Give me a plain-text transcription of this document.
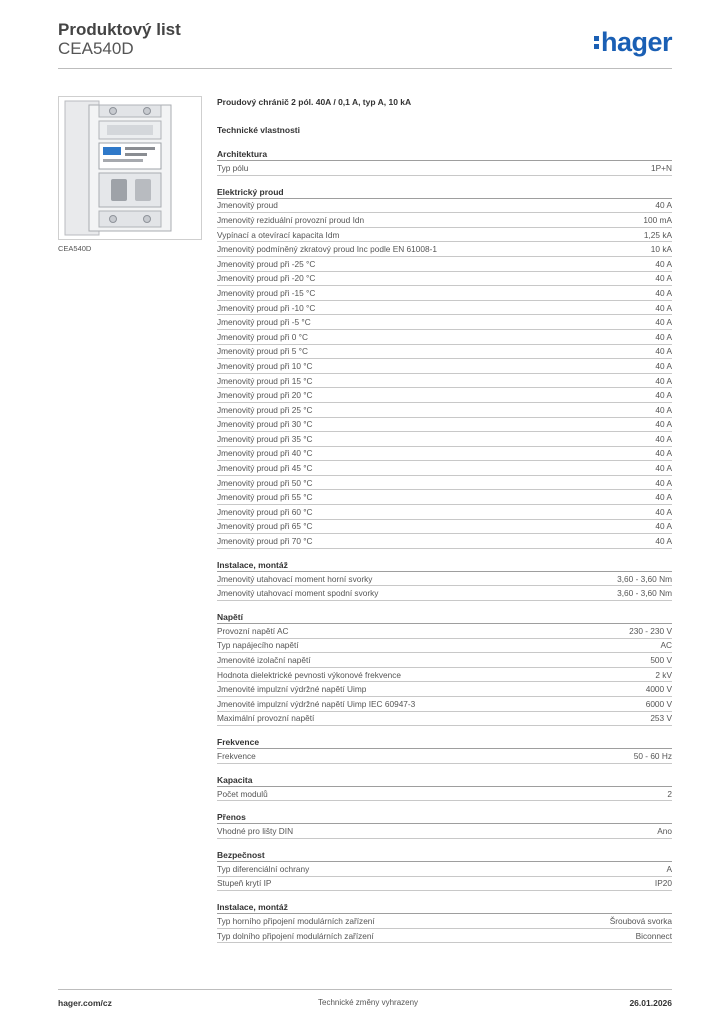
Produktový list
CEA540D	hager
CEA540D
Proudový chránič 2 pól. 40A / 0,1 A, typ A, 10 kA
Technické vlastnosti
Architektura
Typ pólu	1P+N
Elektrický proud
Jmenovitý proud	40 A
Jmenovitý reziduální provozní proud Idn	100 mA
Vypínací a otevírací kapacita Idm	1,25 kA
Jmenovitý podmíněný zkratový proud Inc podle EN 61008-1	10 kA
Jmenovitý proud při -25 °C	40 A
Jmenovitý proud při -20 °C	40 A
Jmenovitý proud při -15 °C	40 A
Jmenovitý proud při -10 °C	40 A
Jmenovitý proud při -5 °C	40 A
Jmenovitý proud při 0 °C	40 A
Jmenovitý proud při 5 °C	40 A
Jmenovitý proud při 10 °C	40 A
Jmenovitý proud při 15 °C	40 A
Jmenovitý proud při 20 °C	40 A
Jmenovitý proud při 25 °C	40 A
Jmenovitý proud při 30 °C	40 A
Jmenovitý proud při 35 °C	40 A
Jmenovitý proud při 40 °C	40 A
Jmenovitý proud při 45 °C	40 A
Jmenovitý proud při 50 °C	40 A
Jmenovitý proud při 55 °C	40 A
Jmenovitý proud při 60 °C	40 A
Jmenovitý proud při 65 °C	40 A
Jmenovitý proud při 70 °C	40 A
Instalace, montáž
Jmenovitý utahovací moment horní svorky	3,60 - 3,60 Nm
Jmenovitý utahovací moment spodní svorky	3,60 - 3,60 Nm
Napětí
Provozní napětí AC	230 - 230 V
Typ napájecího napětí	AC
Jmenovité izolační napětí	500 V
Hodnota dielektrické pevnosti výkonové frekvence	2 kV
Jmenovité impulzní výdržné napětí Uimp	4000 V
Jmenovité impulzní výdržné napětí Uimp IEC 60947-3	6000 V
Maximální provozní napětí	253 V
Frekvence
Frekvence	50 - 60 Hz
Kapacita
Počet modulů	2
Přenos
Vhodné pro lišty DIN	Ano
Bezpečnost
Typ diferenciální ochrany	A
Stupeň krytí IP	IP20
Instalace, montáž
Typ horního připojení modulárních zařízení	Šroubová svorka
Typ dolního připojení modulárních zařízení	Biconnect
hager.com/cz	Technické změny vyhrazeny	26.01.2026
